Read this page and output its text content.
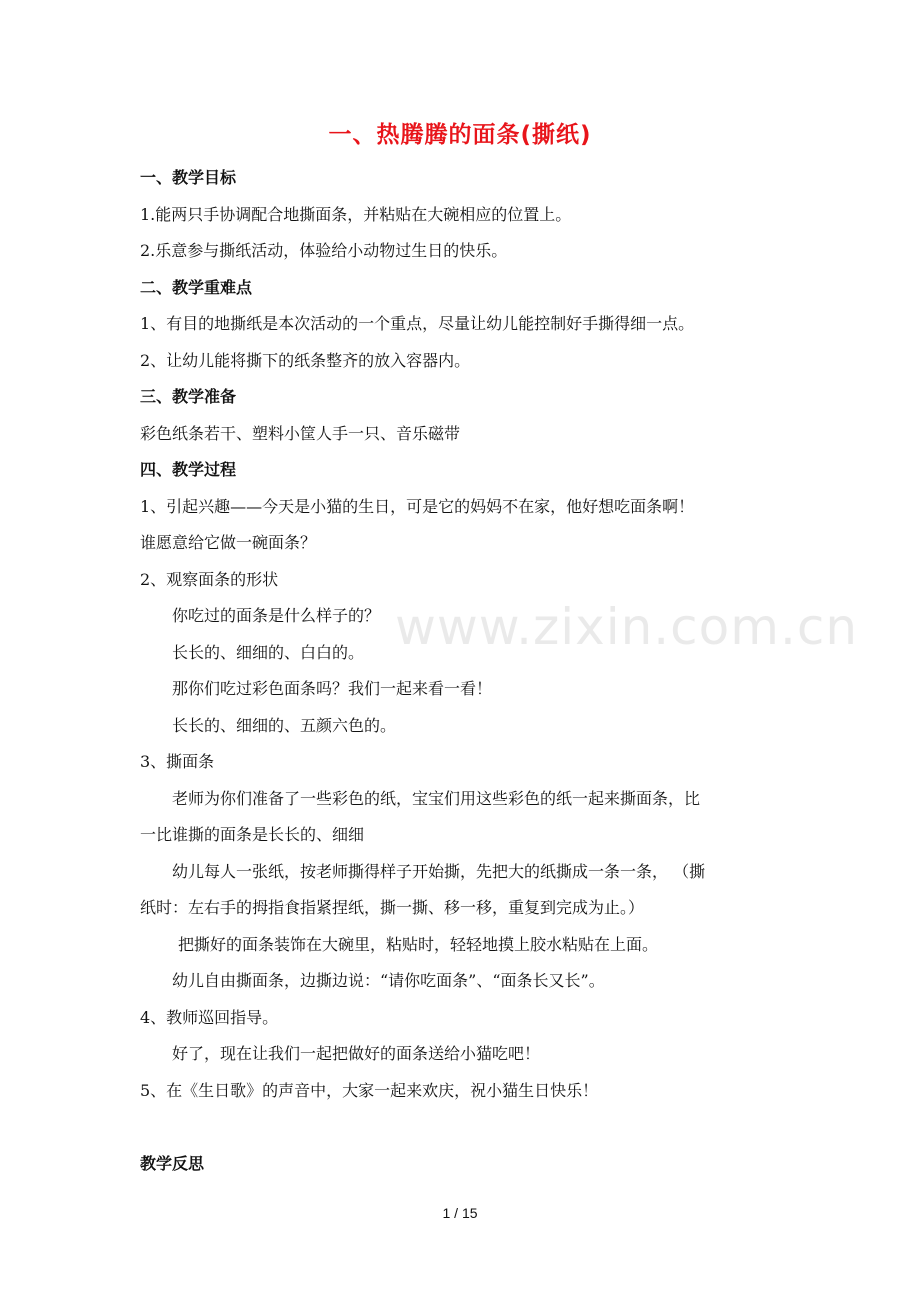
一、热腾腾的面条(撕纸)
一、教学目标
1.能两只手协调配合地撕面条，并粘贴在大碗相应的位置上。
2.乐意参与撕纸活动，体验给小动物过生日的快乐。
二、教学重难点
1、有目的地撕纸是本次活动的一个重点，尽量让幼儿能控制好手撕得细一点。
2、让幼儿能将撕下的纸条整齐的放入容器内。
三、教学准备
彩色纸条若干、塑料小筐人手一只、音乐磁带
四、教学过程
1、引起兴趣——今天是小猫的生日，可是它的妈妈不在家，他好想吃面条啊！
谁愿意给它做一碗面条？
2、观察面条的形状
你吃过的面条是什么样子的？
长长的、细细的、白白的。
那你们吃过彩色面条吗？我们一起来看一看！
长长的、细细的、五颜六色的。
3、撕面条
老师为你们准备了一些彩色的纸，宝宝们用这些彩色的纸一起来撕面条，比
一比谁撕的面条是长长的、细细
幼儿每人一张纸，按老师撕得样子开始撕，先把大的纸撕成一条一条， （撕
纸时：左右手的拇指食指紧捏纸，撕一撕、移一移，重复到完成为止。）
把撕好的面条装饰在大碗里，粘贴时，轻轻地摸上胶水粘贴在上面。
幼儿自由撕面条，边撕边说：“请你吃面条”、“面条长又长”。
4、教师巡回指导。
好了，现在让我们一起把做好的面条送给小猫吃吧！
5、在《生日歌》的声音中，大家一起来欢庆，祝小猫生日快乐！
教学反思
www.zixin.com.cn
1 / 15
